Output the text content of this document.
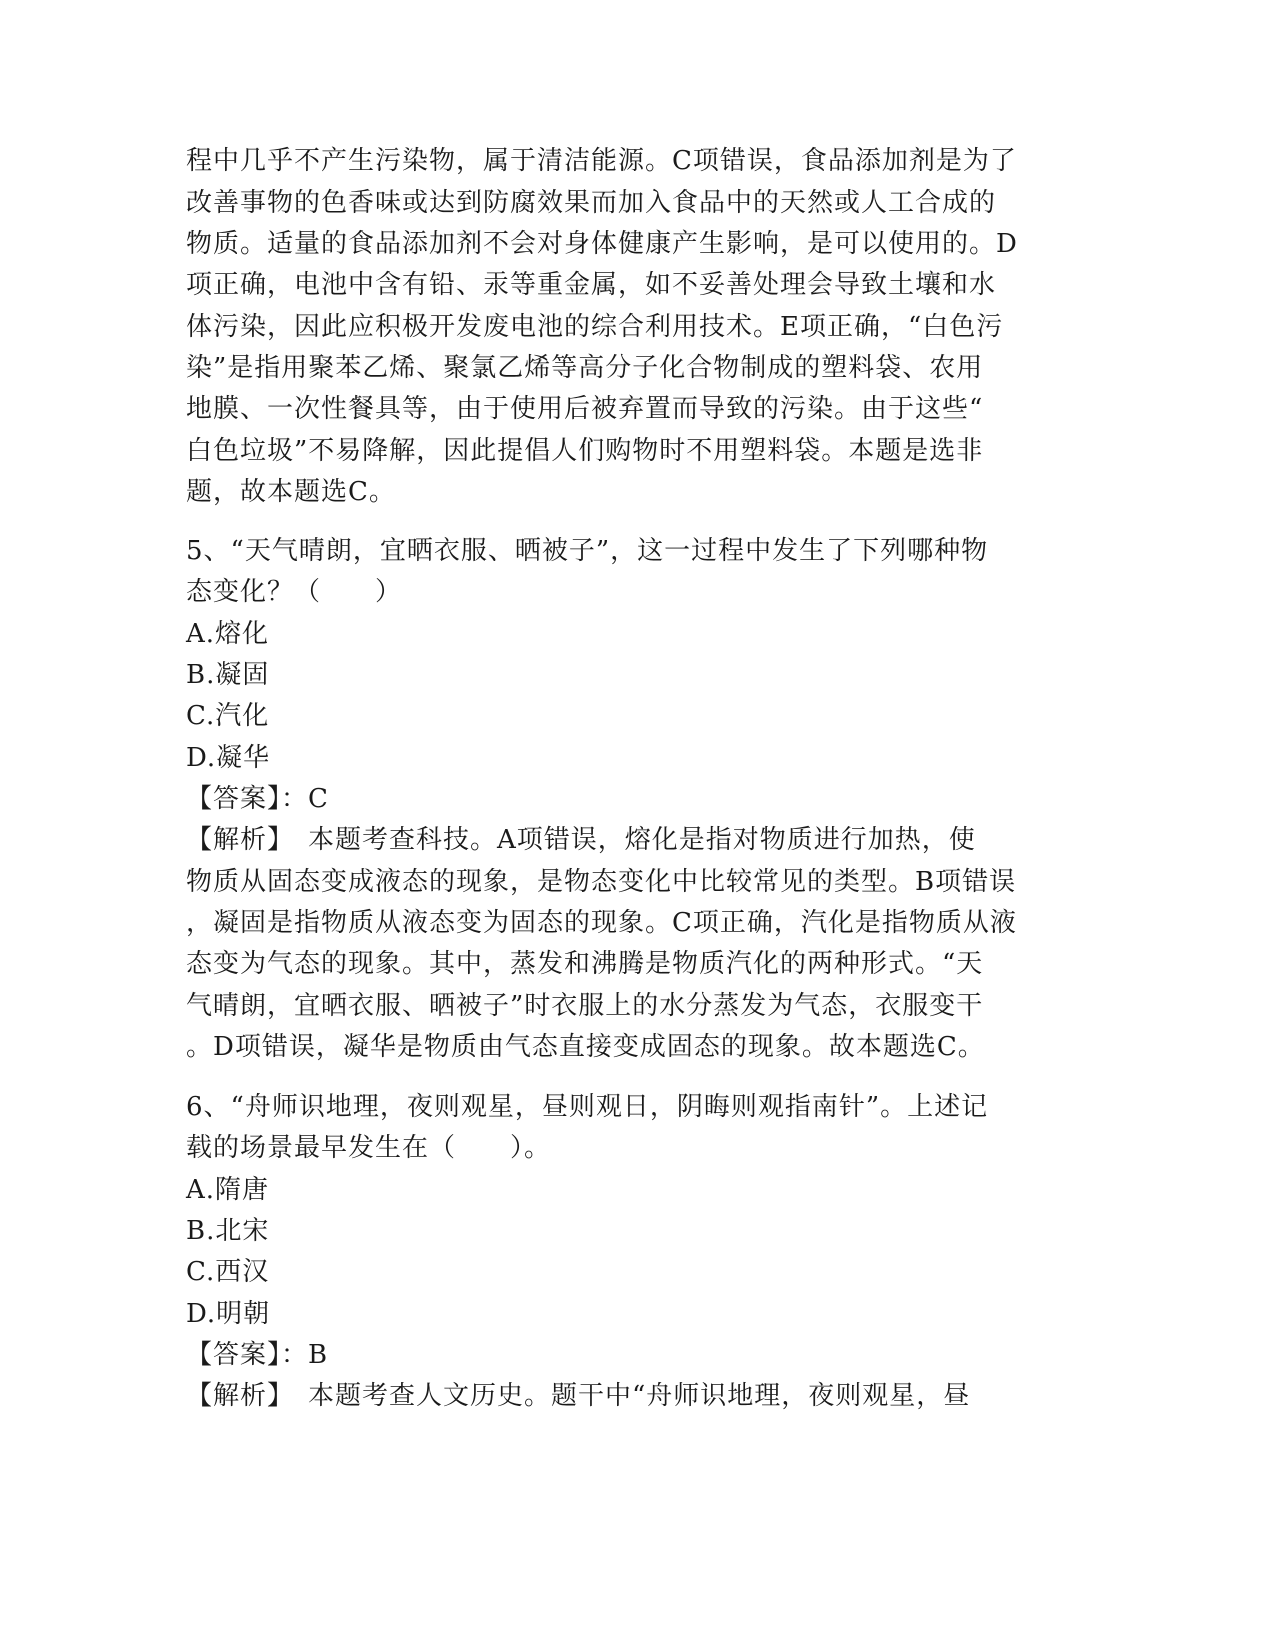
程中几乎不产生污染物，属于清洁能源。C项错误，食品添加剂是为了
改善事物的色香味或达到防腐效果而加入食品中的天然或人工合成的
物质。适量的食品添加剂不会对身体健康产生影响，是可以使用的。D
项正确，电池中含有铅、汞等重金属，如不妥善处理会导致土壤和水
体污染，因此应积极开发废电池的综合利用技术。E项正确，“白色污
染”是指用聚苯乙烯、聚氯乙烯等高分子化合物制成的塑料袋、农用
地膜、一次性餐具等，由于使用后被弃置而导致的污染。由于这些“
白色垃圾”不易降解，因此提倡人们购物时不用塑料袋。本题是选非
题，故本题选C。
5、“天气晴朗，宜晒衣服、晒被子”，这一过程中发生了下列哪种物
态变化？（　　）
A.熔化
B.凝固
C.汽化
D.凝华
【答案】：C
【解析】　本题考查科技。A项错误，熔化是指对物质进行加热，使
物质从固态变成液态的现象，是物态变化中比较常见的类型。B项错误
，凝固是指物质从液态变为固态的现象。C项正确，汽化是指物质从液
态变为气态的现象。其中，蒸发和沸腾是物质汽化的两种形式。“天
气晴朗，宜晒衣服、晒被子”时衣服上的水分蒸发为气态，衣服变干
。D项错误，凝华是物质由气态直接变成固态的现象。故本题选C。
6、“舟师识地理，夜则观星，昼则观日，阴晦则观指南针”。上述记
载的场景最早发生在（　　）。
A.隋唐
B.北宋
C.西汉
D.明朝
【答案】：B
【解析】　本题考查人文历史。题干中“舟师识地理，夜则观星，昼
